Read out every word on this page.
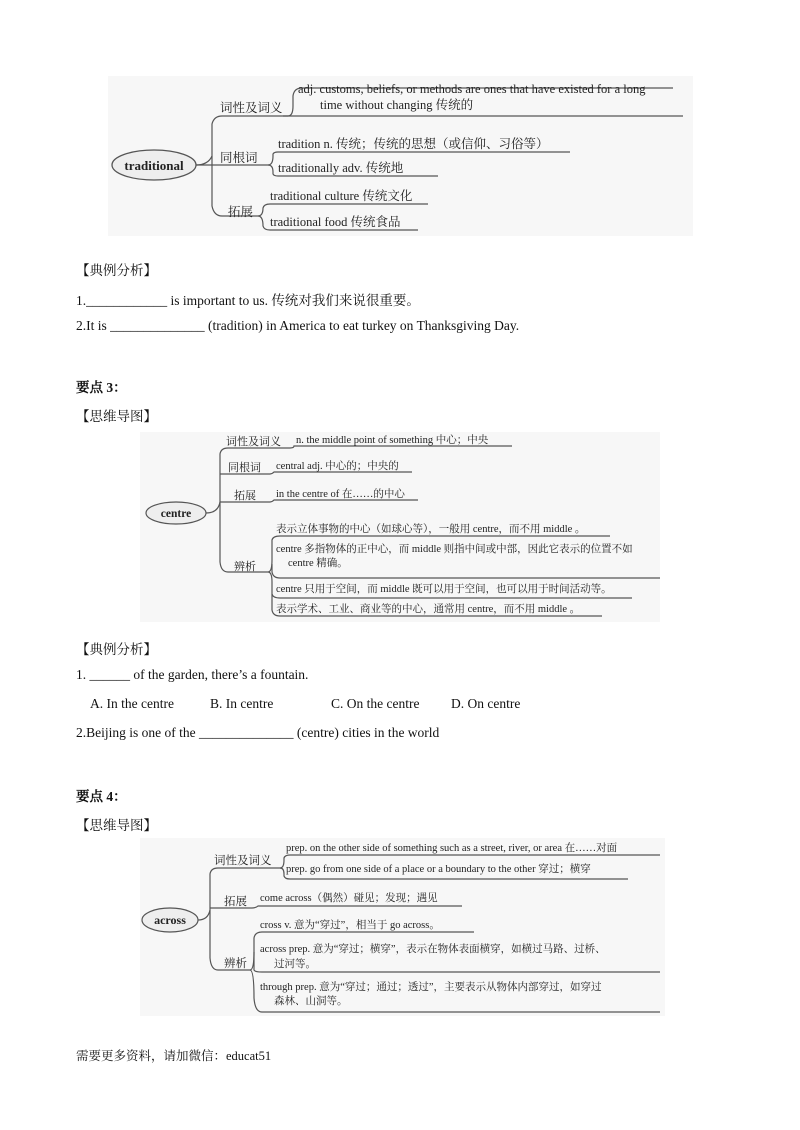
traditional
词性及词义
adj. customs, beliefs, or methods are ones that have existed for a long
time without changing 传统的
同根词
tradition n. 传统；传统的思想（或信仰、习俗等）
traditionally adv. 传统地
拓展
traditional culture 传统文化
traditional food 传统食品
【典例分析】
1.____________ is important to us. 传统对我们来说很重要。
2.It is ______________ (tradition) in America to eat turkey on Thanksgiving Day.
要点 3：
【思维导图】
centre
词性及词义
同根词
拓展
辨析
n. the middle point of something 中心；中央
central adj. 中心的；中央的
in the centre of 在……的中心
表示立体事物的中心（如球心等），一般用 centre，而不用 middle 。
centre 多指物体的正中心，而 middle 则指中间或中部，因此它表示的位置不如
centre 精确。
centre 只用于空间，而 middle 既可以用于空间，也可以用于时间活动等。
表示学术、工业、商业等的中心，通常用 centre，而不用 middle 。
【典例分析】
1. ______ of the garden, there’s a fountain.
A. In the centre	B. In centre	C. On the centre D. On centre
2.Beijing is one of the ______________ (centre) cities in the world
要点 4：
【思维导图】
across
词性及词义
拓展
辨析
prep. on the other side of something such as a street, river, or area 在……对面
prep. go from one side of a place or a boundary to the other 穿过；横穿
come across（偶然）碰见；发现；遇见
cross v. 意为“穿过”，相当于 go across。
across prep. 意为“穿过；横穿”，表示在物体表面横穿，如横过马路、过桥、
过河等。
through prep. 意为“穿过；通过；透过”，主要表示从物体内部穿过，如穿过
森林、山洞等。
需要更多资料，请加微信：educat51
